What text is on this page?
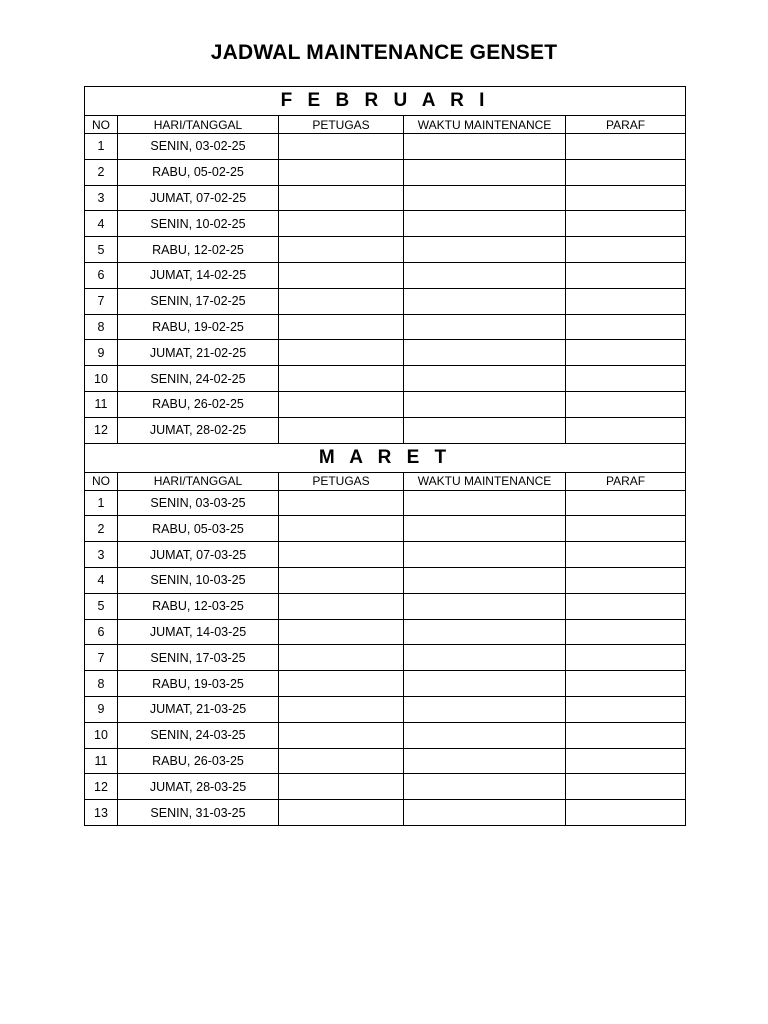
JADWAL MAINTENANCE GENSET
F E B R U A R I				
NO	HARI/TANGGAL	PETUGAS	WAKTU MAINTENANCE	PARAF
1	SENIN, 03-02-25			
2	RABU, 05-02-25			
3	JUMAT, 07-02-25			
4	SENIN, 10-02-25			
5	RABU, 12-02-25			
6	JUMAT, 14-02-25			
7	SENIN, 17-02-25			
8	RABU, 19-02-25			
9	JUMAT, 21-02-25			
10	SENIN, 24-02-25			
11	RABU, 26-02-25			
12	JUMAT, 28-02-25			
M A R E T				
NO	HARI/TANGGAL	PETUGAS	WAKTU MAINTENANCE	PARAF
1	SENIN, 03-03-25			
2	RABU, 05-03-25			
3	JUMAT, 07-03-25			
4	SENIN, 10-03-25			
5	RABU, 12-03-25			
6	JUMAT, 14-03-25			
7	SENIN, 17-03-25			
8	RABU, 19-03-25			
9	JUMAT, 21-03-25			
10	SENIN, 24-03-25			
11	RABU, 26-03-25			
12	JUMAT, 28-03-25			
13	SENIN, 31-03-25			
